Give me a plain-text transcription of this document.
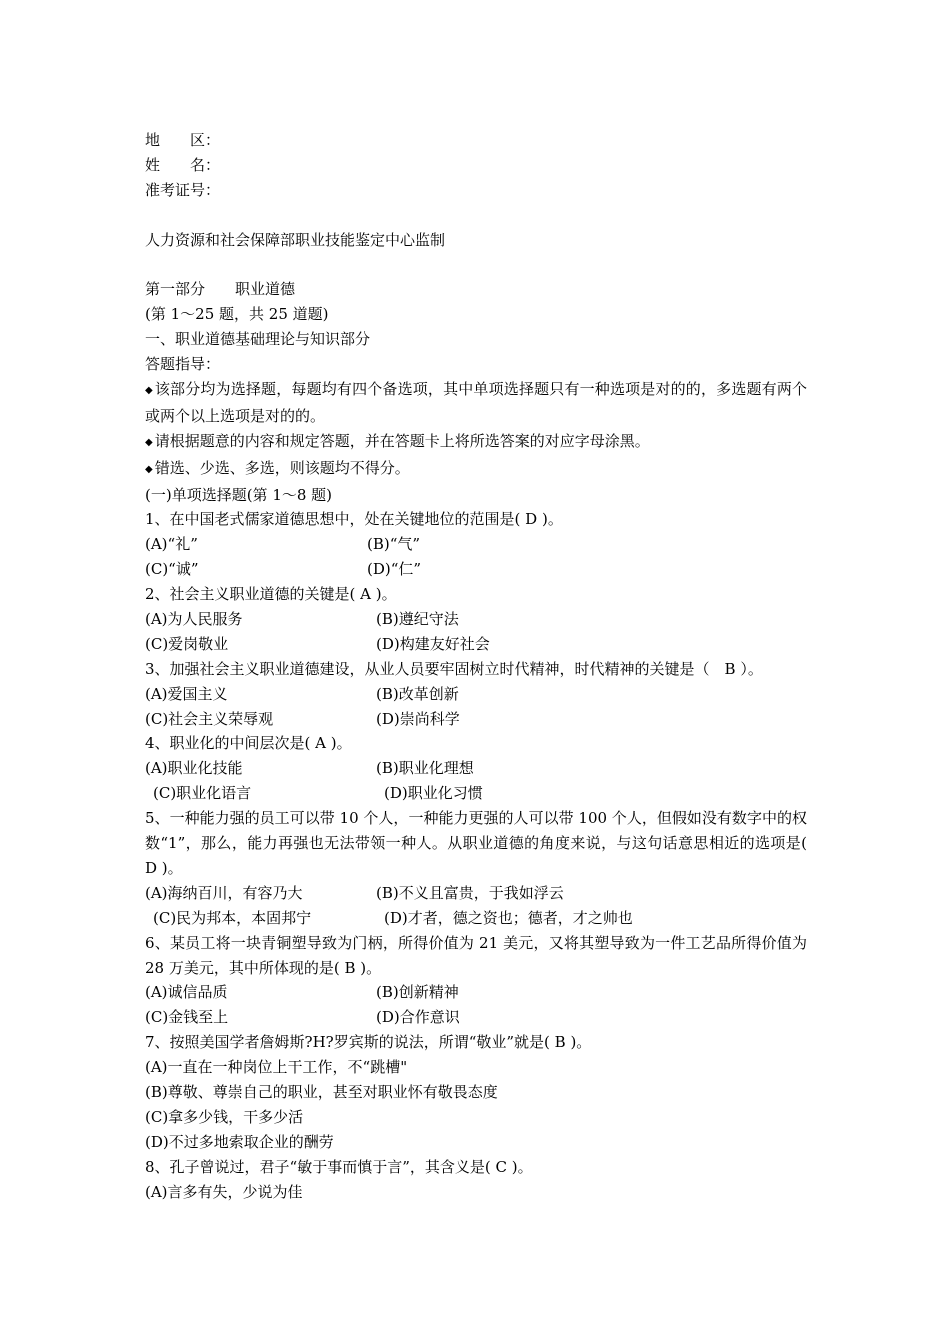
地　　区：
姓　　名：
准考证号：
人力资源和社会保障部职业技能鉴定中心监制
第一部分　　职业道德
(第 1～25 题，共 25 道题)
一、职业道德基础理论与知识部分
答题指导：
◆ 该部分均为选择题，每题均有四个备选项，其中单项选择题只有一种选项是对的的，多选题有两个或两个以上选项是对的的。
◆ 请根据题意的内容和规定答题，并在答题卡上将所选答案的对应字母涂黑。
◆ 错选、少选、多选，则该题均不得分。
(一)单项选择题(第 1～8 题)
1、在中国老式儒家道德思想中，处在关键地位的范围是( D )。
(A)“礼”	(B)“气”
(C)“诚”	(D)“仁”
2、社会主义职业道德的关键是( A )。
(A)为人民服务	(B)遵纪守法
(C)爱岗敬业	(D)构建友好社会
3、加强社会主义职业道德建设，从业人员要牢固树立时代精神，时代精神的关键是（　B ）。
(A)爱国主义	(B)改革创新
(C)社会主义荣辱观	(D)崇尚科学
4、职业化的中间层次是( A )。
(A)职业化技能	(B)职业化理想
(C)职业化语言	(D)职业化习惯
5、一种能力强的员工可以带 10 个人，一种能力更强的人可以带 100 个人，但假如没有数字中的权数“1”，那么，能力再强也无法带领一种人。从职业道德的角度来说，与这句话意思相近的选项是( D )。
(A)海纳百川，有容乃大	(B)不义且富贵，于我如浮云
(C)民为邦本，本固邦宁	(D)才者，德之资也；德者，才之帅也
6、某员工将一块青铜塑导致为门柄，所得价值为 21 美元，又将其塑导致为一件工艺品所得价值为 28 万美元，其中所体现的是( B )。
(A)诚信品质	(B)创新精神
(C)金钱至上	(D)合作意识
7、按照美国学者詹姆斯?H?罗宾斯的说法，所谓“敬业”就是( B )。
(A)一直在一种岗位上干工作，不“跳槽"
(B)尊敬、尊崇自己的职业，甚至对职业怀有敬畏态度
(C)拿多少钱，干多少活
(D)不过多地索取企业的酬劳
8、孔子曾说过，君子“敏于事而慎于言”，其含义是( C )。
(A)言多有失，少说为佳
